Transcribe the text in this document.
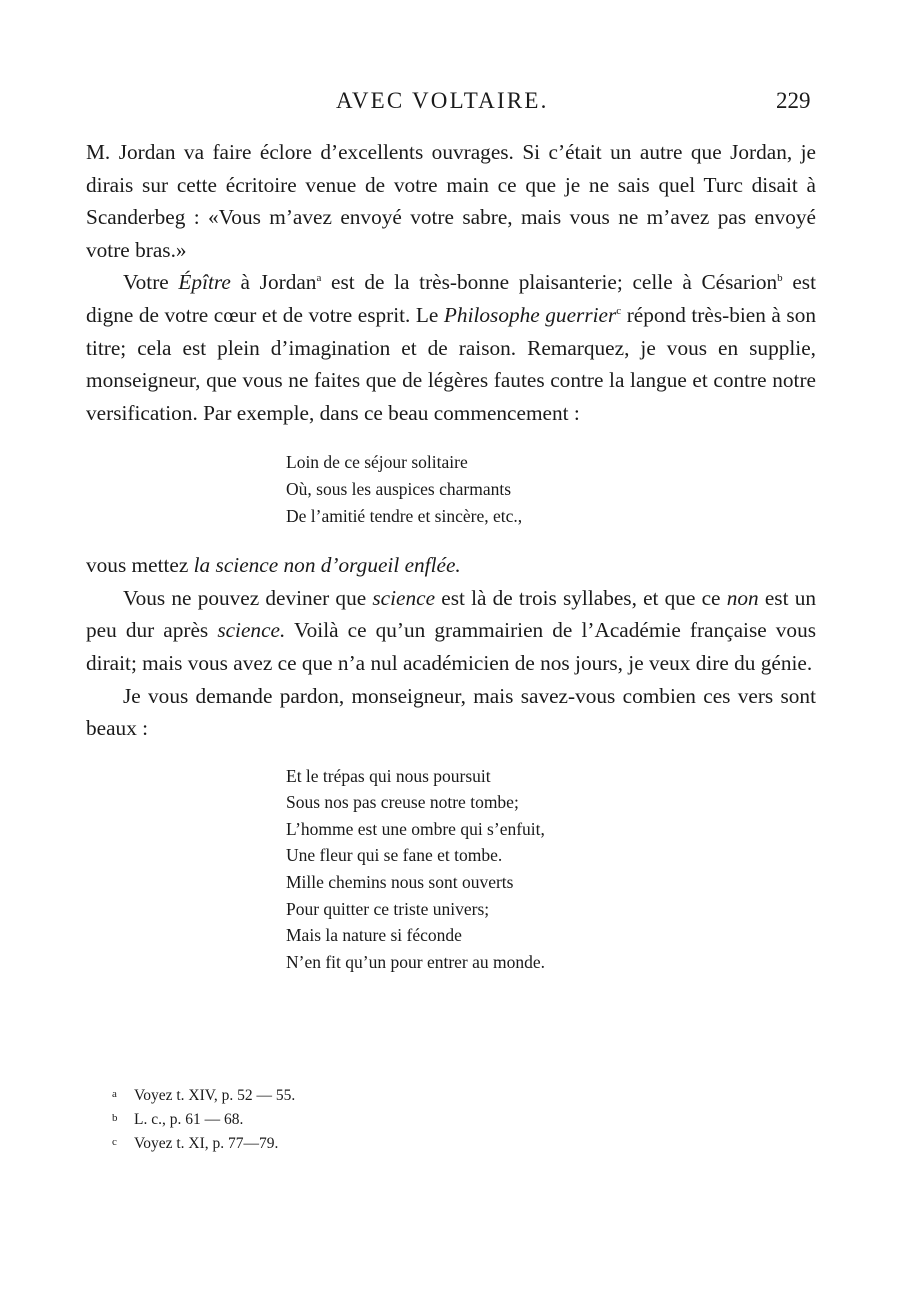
AVEC VOLTAIRE.	229

M. Jordan va faire éclore d’excellents ouvrages. Si c’était un autre que Jordan, je dirais sur cette écritoire venue de votre main ce que je ne sais quel Turc disait à Scanderbeg : «Vous m’avez envoyé votre sabre, mais vous ne m’avez pas envoyé votre bras.»

Votre Épître à Jordan$^a$ est de la très-bonne plaisanterie; celle à Césarion$^b$ est digne de votre cœur et de votre esprit. Le Philosophe guerrier$^c$ répond très-bien à son titre; cela est plein d’imagination et de raison. Remarquez, je vous en supplie, monseigneur, que vous ne faites que de légères fautes contre la langue et contre notre versification. Par exemple, dans ce beau commencement :

Loin de ce séjour solitaire
Où, sous les auspices charmants
De l’amitié tendre et sincère, etc.,

vous mettez la science non d’orgueil enflée.

Vous ne pouvez deviner que science est là de trois syllabes, et que ce non est un peu dur après science. Voilà ce qu’un grammairien de l’Académie française vous dirait; mais vous avez ce que n’a nul académicien de nos jours, je veux dire du génie.

Je vous demande pardon, monseigneur, mais savez-vous combien ces vers sont beaux :

Et le trépas qui nous poursuit
Sous nos pas creuse notre tombe;
L’homme est une ombre qui s’enfuit,
Une fleur qui se fane et tombe.
Mille chemins nous sont ouverts
Pour quitter ce triste univers;
Mais la nature si féconde
N’en fit qu’un pour entrer au monde.
a Voyez t. XIV, p. 52 — 55.
b L. c., p. 61 — 68.
c Voyez t. XI, p. 77—79.
